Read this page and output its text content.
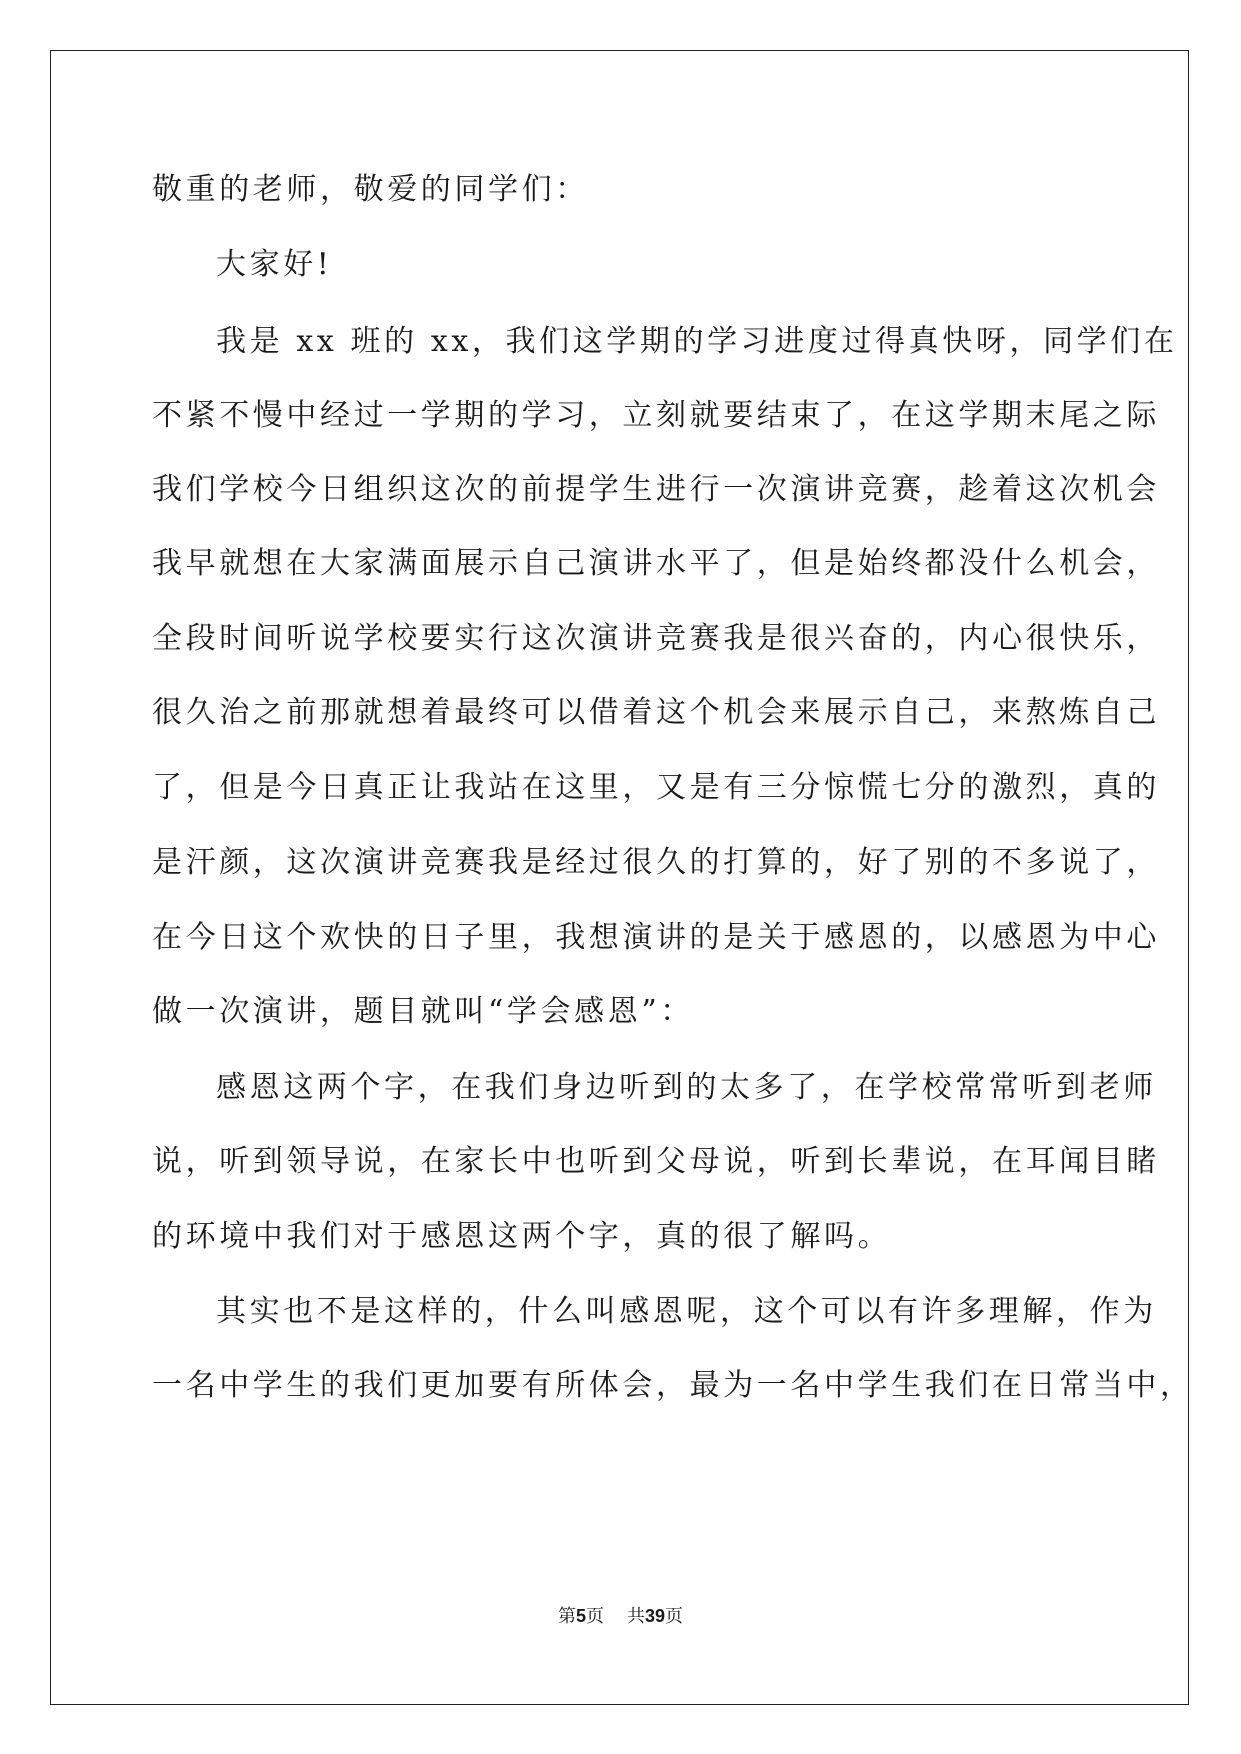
敬重的老师，敬爱的同学们：
大家好!
我是 xx 班的 xx，我们这学期的学习进度过得真快呀，同学们在
不紧不慢中经过一学期的学习，立刻就要结束了，在这学期末尾之际
我们学校今日组织这次的前提学生进行一次演讲竞赛，趁着这次机会
我早就想在大家满面展示自己演讲水平了，但是始终都没什么机会，
全段时间听说学校要实行这次演讲竞赛我是很兴奋的，内心很快乐，
很久治之前那就想着最终可以借着这个机会来展示自己，来熬炼自己
了，但是今日真正让我站在这里，又是有三分惊慌七分的激烈，真的
是汗颜，这次演讲竞赛我是经过很久的打算的，好了别的不多说了，
在今日这个欢快的日子里，我想演讲的是关于感恩的，以感恩为中心
做一次演讲，题目就叫“学会感恩”：
感恩这两个字，在我们身边听到的太多了，在学校常常听到老师
说，听到领导说，在家长中也听到父母说，听到长辈说，在耳闻目睹
的环境中我们对于感恩这两个字，真的很了解吗。
其实也不是这样的，什么叫感恩呢，这个可以有许多理解，作为
一名中学生的我们更加要有所体会，最为一名中学生我们在日常当中，
第5页 共39页
